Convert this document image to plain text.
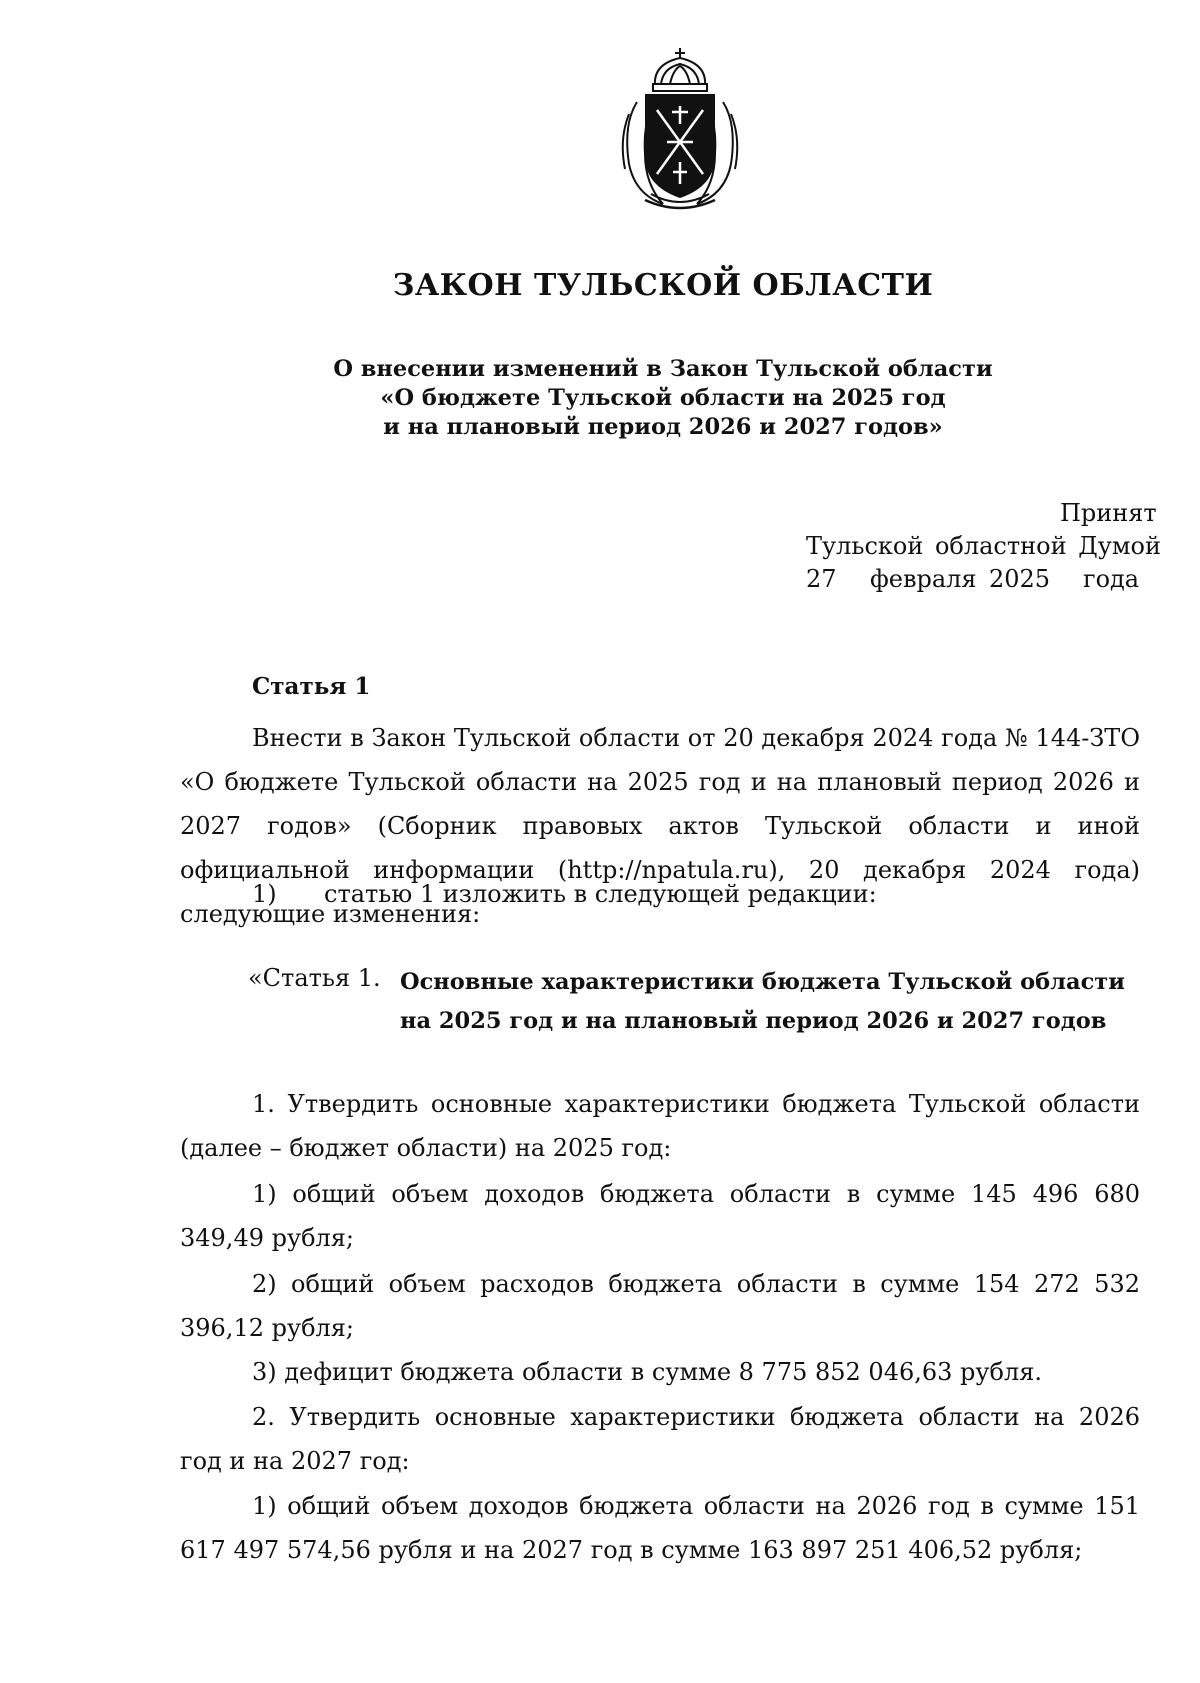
ЗАКОН ТУЛЬСКОЙ ОБЛАСТИ
О внесении изменений в Закон Тульской области
«О бюджете Тульской области на 2025 год
и на плановый период 2026 и 2027 годов»
Принят
Тульской областной Думой
27 февраля 2025 года
Статья 1
Внести в Закон Тульской области от 20 декабря 2024 года № 144-ЗТО «О бюджете Тульской области на 2025 год и на плановый период 2026 и 2027 годов» (Сборник правовых актов Тульской области и иной официальной информации (http://npatula.ru), 20 декабря 2024 года) следующие изменения:
1) статью 1 изложить в следующей редакции:
«Статья 1. Основные характеристики бюджета Тульской области
на 2025 год и на плановый период 2026 и 2027 годов
1. Утвердить основные характеристики бюджета Тульской области (далее – бюджет области) на 2025 год:
1) общий объем доходов бюджета области в сумме 145 496 680 349,49 рубля;
2) общий объем расходов бюджета области в сумме 154 272 532 396,12 рубля;
3) дефицит бюджета области в сумме 8 775 852 046,63 рубля.
2. Утвердить основные характеристики бюджета области на 2026 год и на 2027 год:
1) общий объем доходов бюджета области на 2026 год в сумме 151 617 497 574,56 рубля и на 2027 год в сумме 163 897 251 406,52 рубля;
